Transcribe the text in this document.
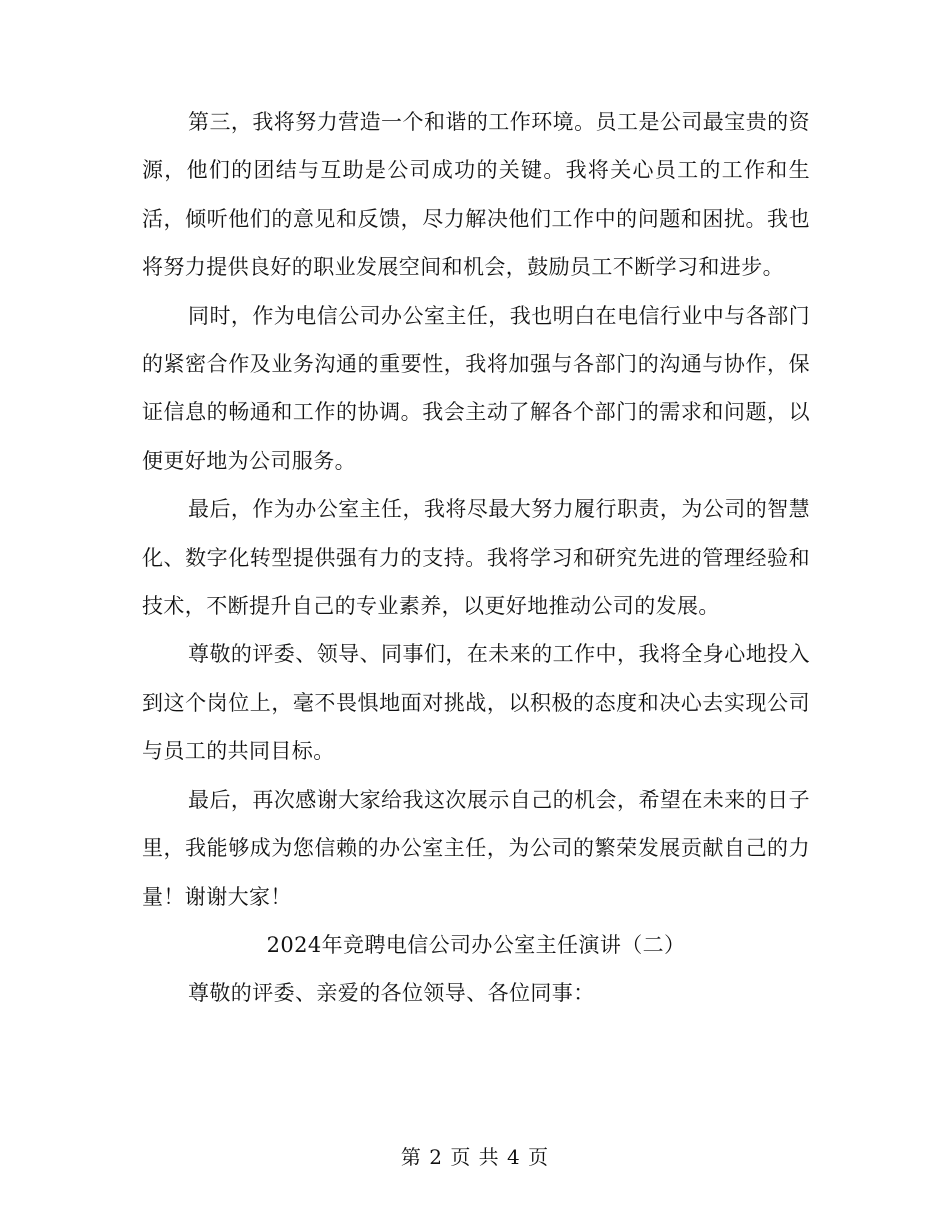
第三，我将努力营造一个和谐的工作环境。员工是公司最宝贵的资源，他们的团结与互助是公司成功的关键。我将关心员工的工作和生活，倾听他们的意见和反馈，尽力解决他们工作中的问题和困扰。我也将努力提供良好的职业发展空间和机会，鼓励员工不断学习和进步。

同时，作为电信公司办公室主任，我也明白在电信行业中与各部门的紧密合作及业务沟通的重要性，我将加强与各部门的沟通与协作，保证信息的畅通和工作的协调。我会主动了解各个部门的需求和问题，以便更好地为公司服务。

最后，作为办公室主任，我将尽最大努力履行职责，为公司的智慧化、数字化转型提供强有力的支持。我将学习和研究先进的管理经验和技术，不断提升自己的专业素养，以更好地推动公司的发展。

尊敬的评委、领导、同事们，在未来的工作中，我将全身心地投入到这个岗位上，毫不畏惧地面对挑战，以积极的态度和决心去实现公司与员工的共同目标。

最后，再次感谢大家给我这次展示自己的机会，希望在未来的日子里，我能够成为您信赖的办公室主任，为公司的繁荣发展贡献自己的力量！谢谢大家！

2024年竞聘电信公司办公室主任演讲（二）

尊敬的评委、亲爱的各位领导、各位同事：

第 2 页 共 4 页
